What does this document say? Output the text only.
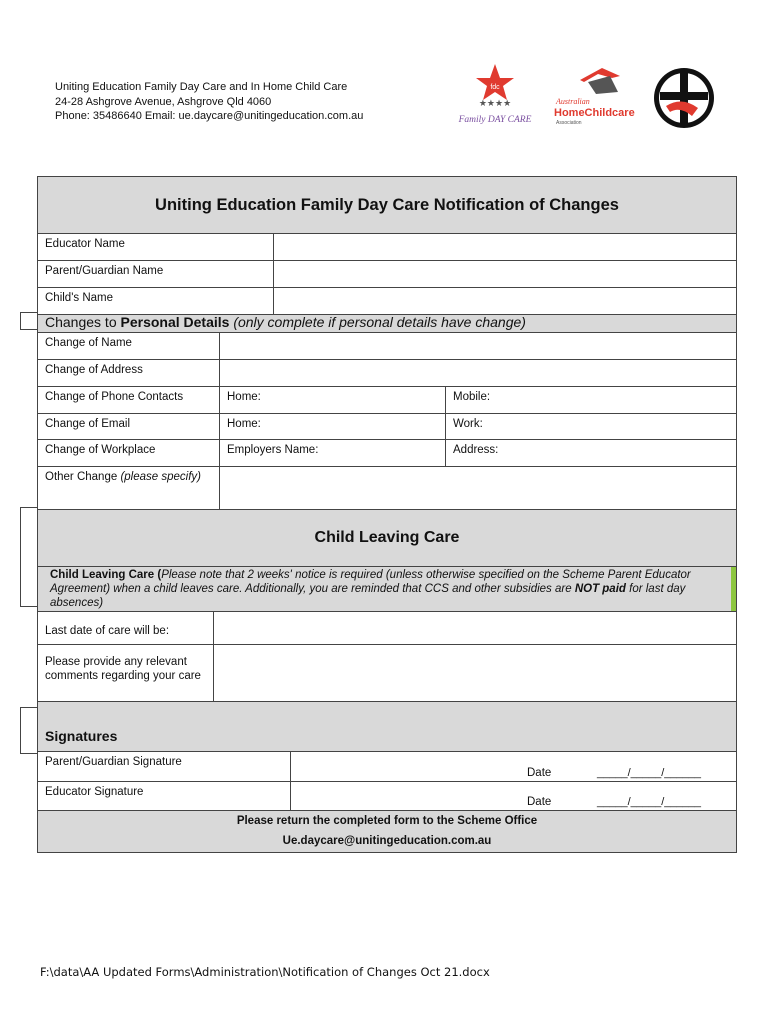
Uniting Education Family Day Care and In Home Child Care
24-28 Ashgrove Avenue, Ashgrove Qld 4060
Phone: 35486640 Email: ue.daycare@unitingeducation.com.au
fdc
★★★★
Family DAY CARE
Australian
HomeChildcare
Association
Uniting Education Family Day Care Notification of Changes
Educator Name
Parent/Guardian Name
Child's Name
Changes to Personal Details (only complete if personal details have change)
Change of Name
Change of Address
Change of Phone Contacts	Home:	Mobile:
Change of Email	Home:	Work:
Change of Workplace	Employers Name:	Address:
Other Change (please specify)
Child Leaving Care
Child Leaving Care (Please note that 2 weeks' notice is required (unless otherwise specified on the Scheme Parent Educator Agreement) when a child leaves care. Additionally, you are reminded that CCS and other subsidies are NOT paid for last day absences)
Last date of care will be:
Please provide any relevant comments regarding your care
Signatures
Parent/Guardian Signature
Date	_____/_____/______
Educator Signature
Date	_____/_____/______
Please return the completed form to the Scheme Office
Ue.daycare@unitingeducation.com.au
F:\data\AA Updated Forms\Administration\Notification of Changes Oct 21.docx
